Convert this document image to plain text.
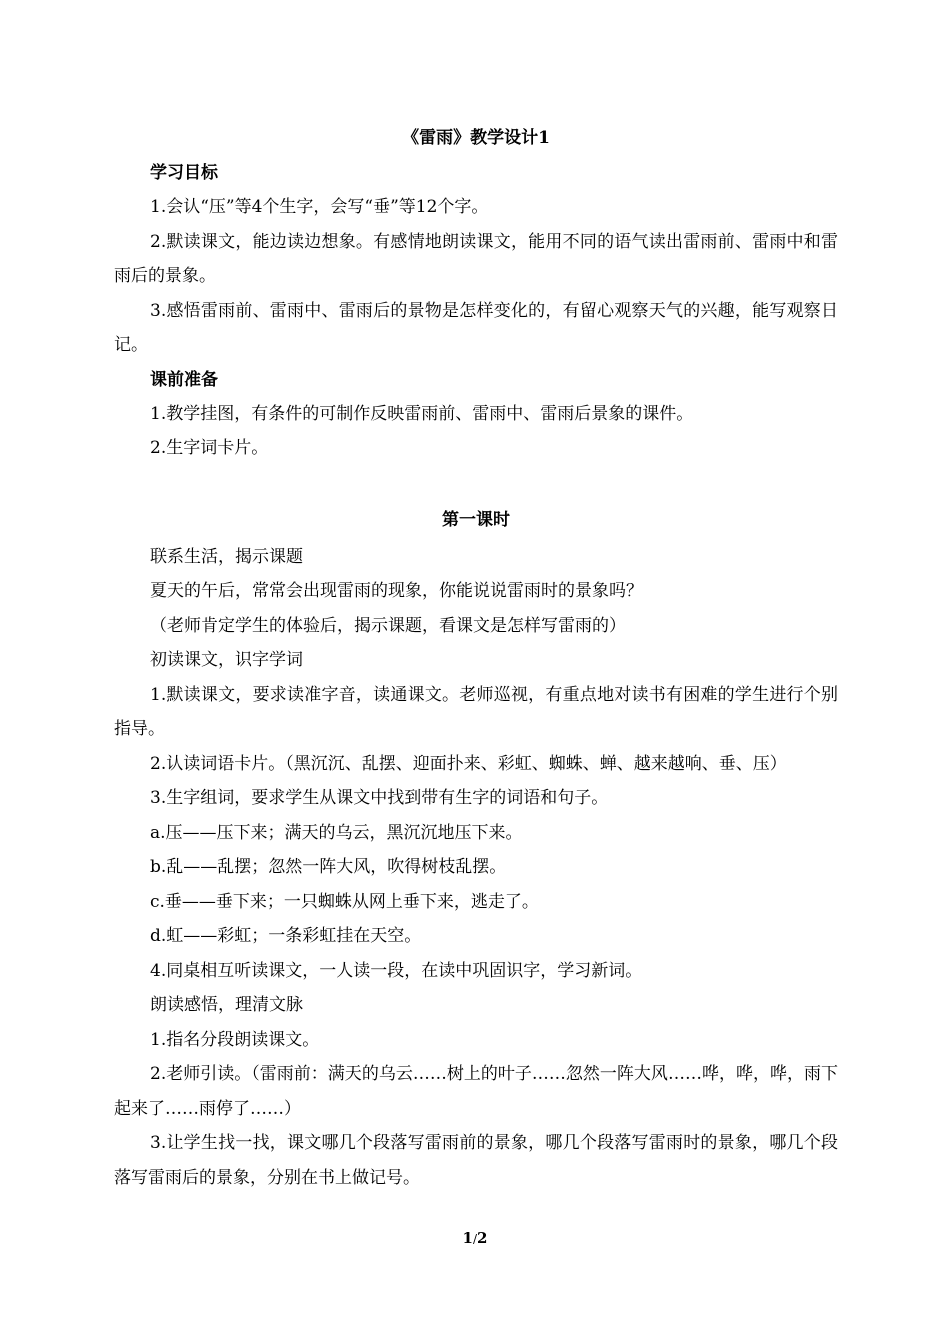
《雷雨》教学设计1

学习目标

1.会认“压”等4个生字，会写“垂”等12个字。

2.默读课文，能边读边想象。有感情地朗读课文，能用不同的语气读出雷雨前、雷雨中和雷雨后的景象。

3.感悟雷雨前、雷雨中、雷雨后的景物是怎样变化的，有留心观察天气的兴趣，能写观察日记。

课前准备

1.教学挂图，有条件的可制作反映雷雨前、雷雨中、雷雨后景象的课件。

2.生字词卡片。

第一课时

联系生活，揭示课题

夏天的午后，常常会出现雷雨的现象，你能说说雷雨时的景象吗？

（老师肯定学生的体验后，揭示课题，看课文是怎样写雷雨的）

初读课文，识字学词

1.默读课文，要求读准字音，读通课文。老师巡视，有重点地对读书有困难的学生进行个别指导。

2.认读词语卡片。（黑沉沉、乱摆、迎面扑来、彩虹、蜘蛛、蝉、越来越响、垂、压）

3.生字组词，要求学生从课文中找到带有生字的词语和句子。

a.压——压下来；满天的乌云，黑沉沉地压下来。

b.乱——乱摆；忽然一阵大风，吹得树枝乱摆。

c.垂——垂下来；一只蜘蛛从网上垂下来，逃走了。

d.虹——彩虹；一条彩虹挂在天空。

4.同桌相互听读课文，一人读一段，在读中巩固识字，学习新词。

朗读感悟，理清文脉

1.指名分段朗读课文。

2.老师引读。（雷雨前：满天的乌云……树上的叶子……忽然一阵大风……哗，哗，哗，雨下起来了……雨停了……）

3.让学生找一找，课文哪几个段落写雷雨前的景象，哪几个段落写雷雨时的景象，哪几个段落写雷雨后的景象，分别在书上做记号。

1/2
